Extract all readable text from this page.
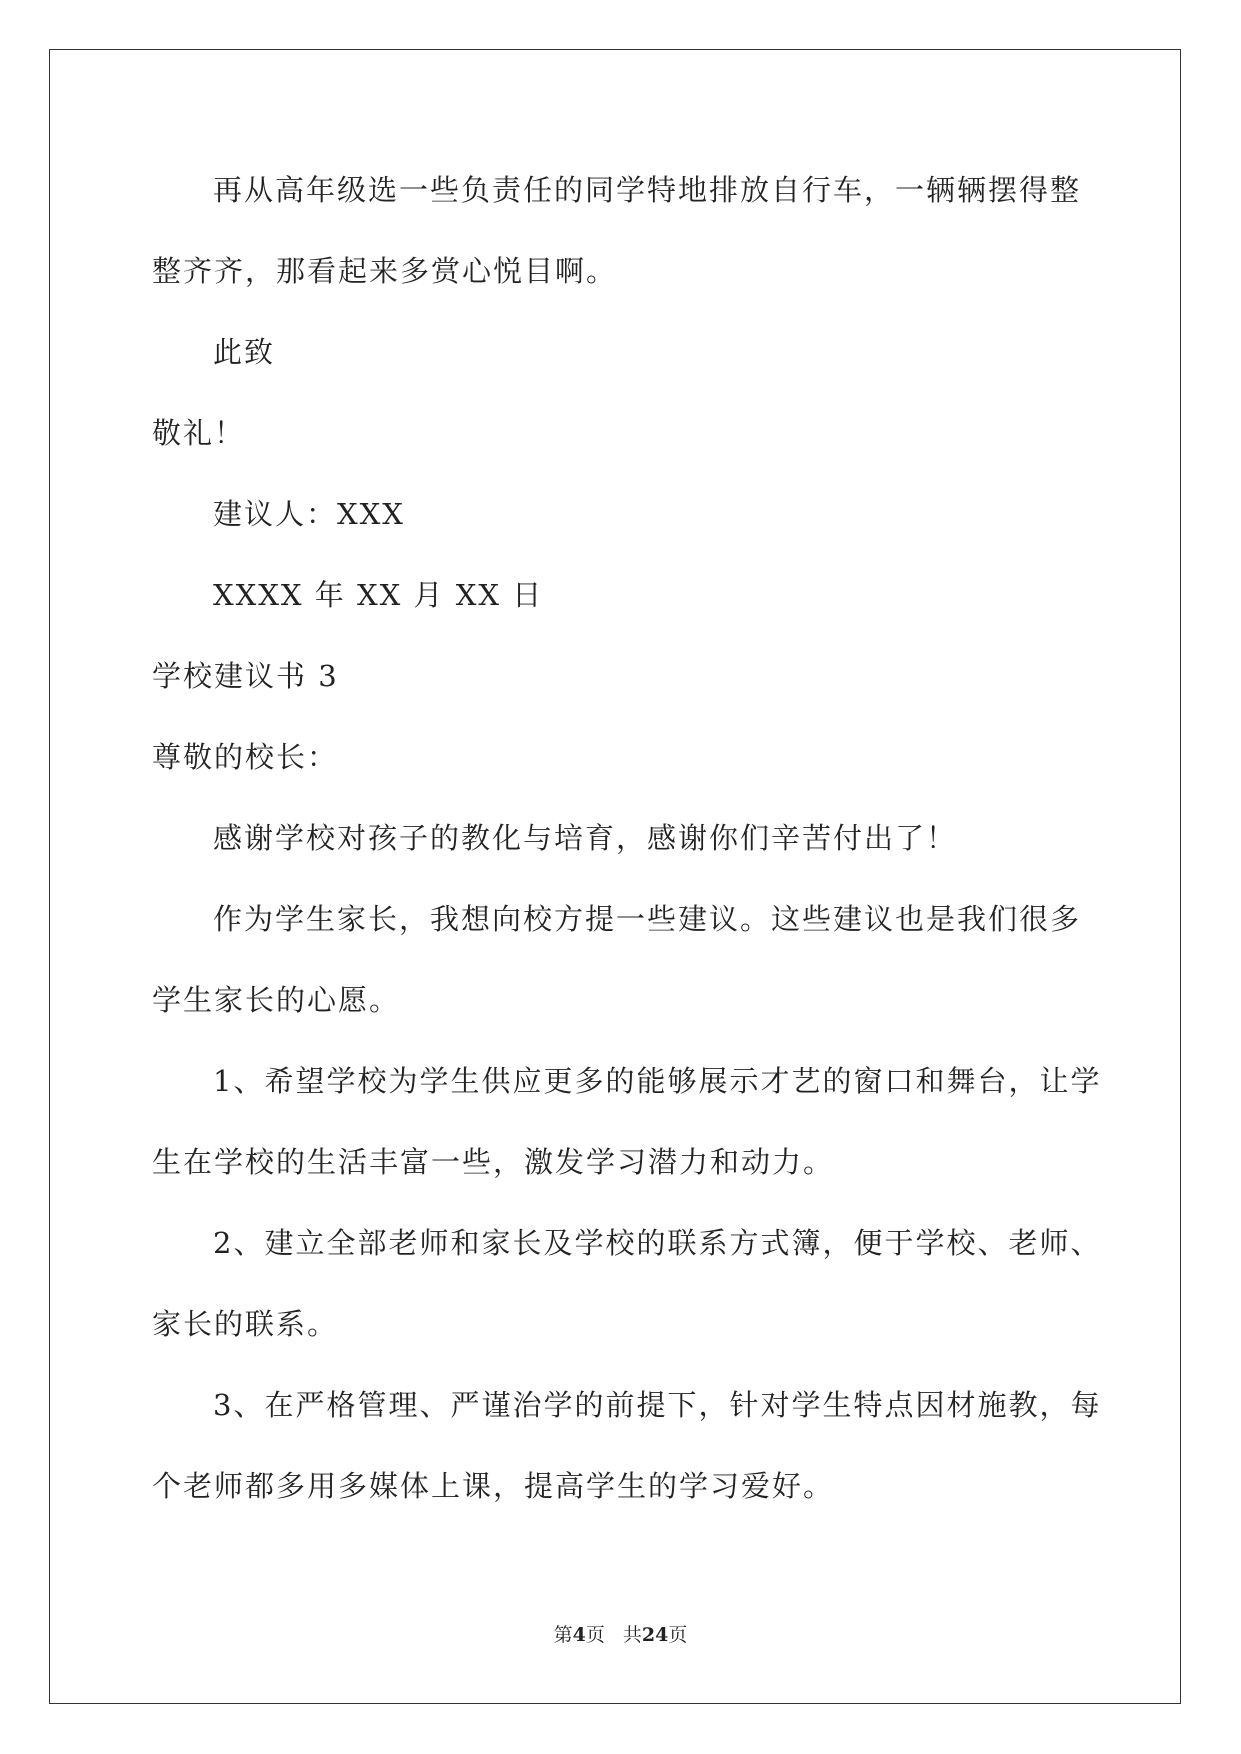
再从高年级选一些负责任的同学特地排放自行车，一辆辆摆得整
整齐齐，那看起来多赏心悦目啊。
此致
敬礼！
建议人：XXX
XXXX 年 XX 月 XX 日
学校建议书 3
尊敬的校长：
感谢学校对孩子的教化与培育，感谢你们辛苦付出了！
作为学生家长，我想向校方提一些建议。这些建议也是我们很多
学生家长的心愿。
1、希望学校为学生供应更多的能够展示才艺的窗口和舞台，让学
生在学校的生活丰富一些，激发学习潜力和动力。
2、建立全部老师和家长及学校的联系方式簿，便于学校、老师、
家长的联系。
3、在严格管理、严谨治学的前提下，针对学生特点因材施教，每
个老师都多用多媒体上课，提高学生的学习爱好。
第4页 共24页
